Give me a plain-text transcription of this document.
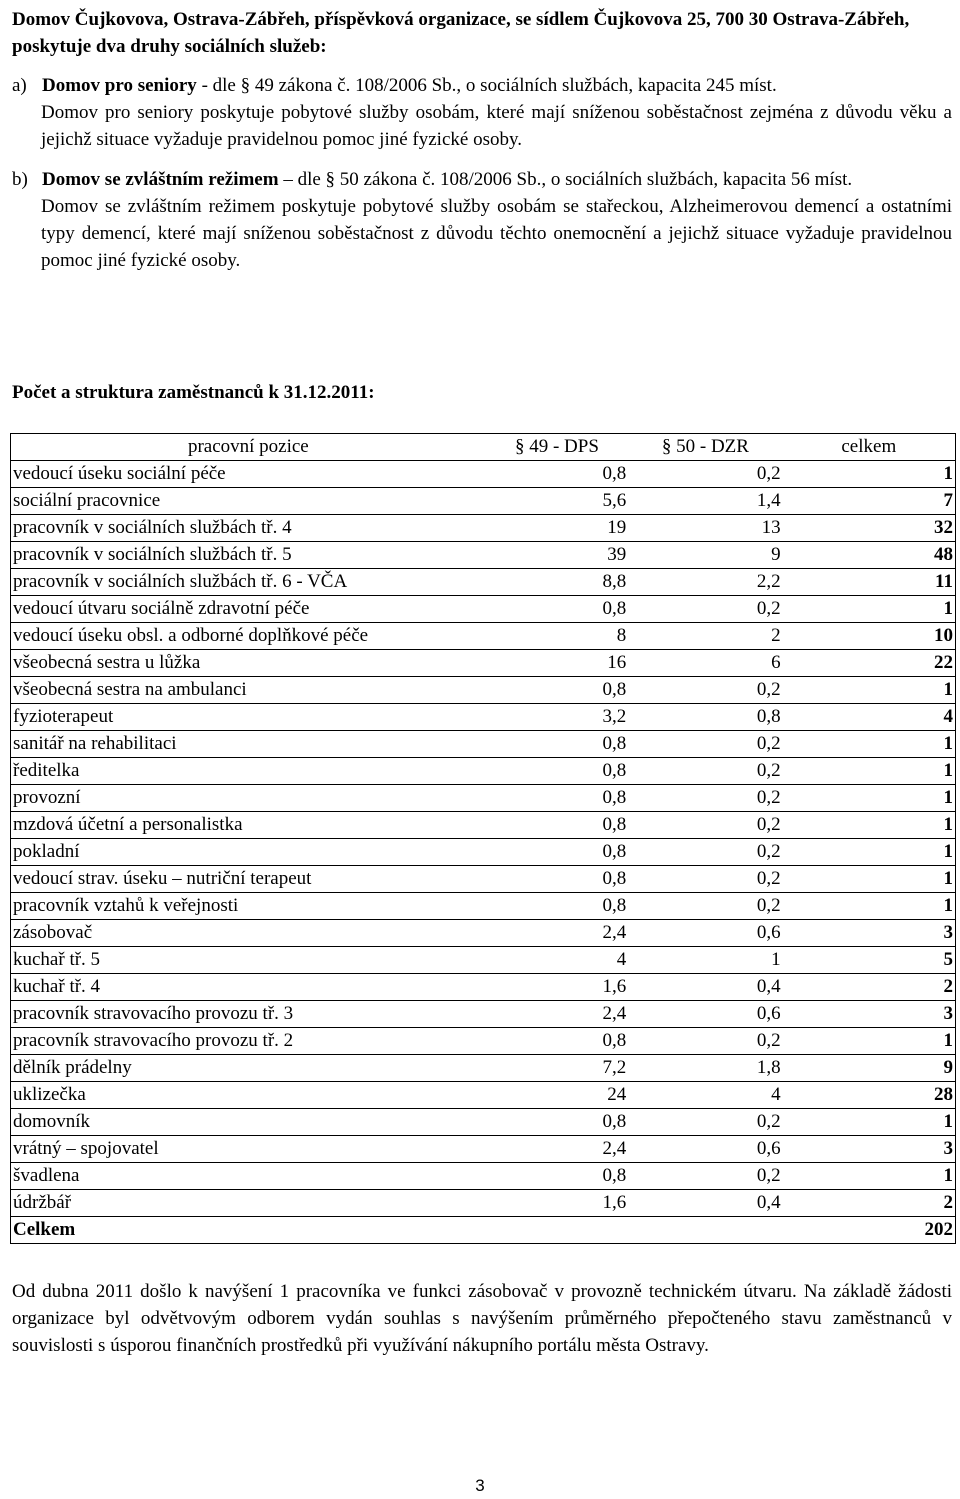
Domov Čujkovova, Ostrava-Zábřeh, příspěvková organizace, se sídlem Čujkovova 25, 700 30 Ostrava-Zábřeh, poskytuje dva druhy sociálních služeb:

a) Domov pro seniory - dle § 49 zákona č. 108/2006 Sb., o sociálních službách, kapacita 245 míst.

Domov pro seniory poskytuje pobytové služby osobám, které mají sníženou soběstačnost zejména z důvodu věku a jejichž situace vyžaduje pravidelnou pomoc jiné fyzické osoby.

b) Domov se zvláštním režimem – dle § 50 zákona č. 108/2006 Sb., o sociálních službách, kapacita 56 míst.

Domov se zvláštním režimem poskytuje pobytové služby osobám se stařeckou, Alzheimerovou demencí a ostatními typy demencí, které mají sníženou soběstačnost z důvodu těchto onemocnění a jejichž situace vyžaduje pravidelnou pomoc jiné fyzické osoby.

Počet a struktura zaměstnanců k 31.12.2011:
pracovní pozice	§ 49 - DPS	§ 50 - DZR	celkem
vedoucí úseku sociální péče	0,8	0,2	1
sociální pracovnice	5,6	1,4	7
pracovník v sociálních službách tř. 4	19	13	32
pracovník v sociálních službách tř. 5	39	9	48
pracovník v sociálních službách tř. 6 - VČA	8,8	2,2	11
vedoucí útvaru sociálně zdravotní péče	0,8	0,2	1
vedoucí úseku obsl. a odborné doplňkové péče	8	2	10
všeobecná sestra u lůžka	16	6	22
všeobecná sestra na ambulanci	0,8	0,2	1
fyzioterapeut	3,2	0,8	4
sanitář na rehabilitaci	0,8	0,2	1
ředitelka	0,8	0,2	1
provozní	0,8	0,2	1
mzdová účetní a personalistka	0,8	0,2	1
pokladní	0,8	0,2	1
vedoucí strav. úseku – nutriční terapeut	0,8	0,2	1
pracovník vztahů k veřejnosti	0,8	0,2	1
zásobovač	2,4	0,6	3
kuchař tř. 5	4	1	5
kuchař tř. 4	1,6	0,4	2
pracovník stravovacího provozu tř. 3	2,4	0,6	3
pracovník stravovacího provozu tř. 2	0,8	0,2	1
dělník prádelny	7,2	1,8	9
uklizečka	24	4	28
domovník	0,8	0,2	1
vrátný – spojovatel	2,4	0,6	3
švadlena	0,8	0,2	1
údržbář	1,6	0,4	2
Celkem			202

Od dubna 2011 došlo k navýšení 1 pracovníka ve funkci zásobovač v provozně technickém útvaru. Na základě žádosti organizace byl odvětvovým odborem vydán souhlas s navýšením průměrného přepočteného stavu zaměstnanců v souvislosti s úsporou finančních prostředků při využívání nákupního portálu města Ostravy.

3
